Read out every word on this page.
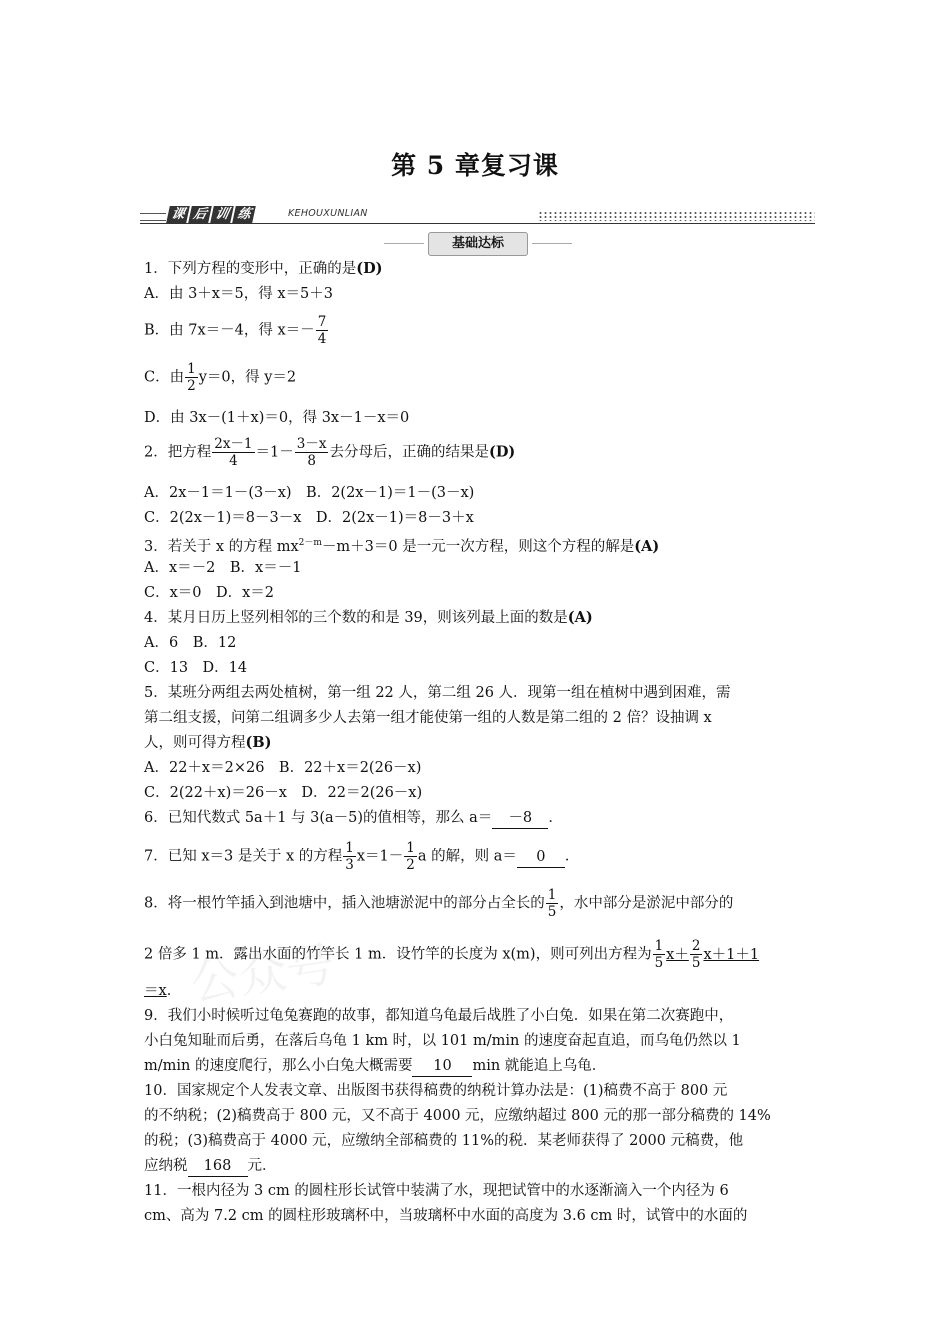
第 5 章复习课
课 后 训 练	KEHOUXUNLIAN
基础达标
1．下列方程的变形中，正确的是(D)
A．由 3＋x＝5，得 x＝5＋3
B．由 7x＝－4，得 $x=- \frac{7}{4}$
C．由 $\frac{1}{2} y=0$，得 y＝2
D．由 3x－(1＋x)＝0，得 3x－1－x＝0
2．把方程 $\frac{2x-1}{4} =1- \frac{3-x}{8}$ 去分母后，正确的结果是(D)
A．2x－1＝1－(3－x)　B．2(2x－1)＝1－(3－x)
C．2(2x－1)＝8－3－x　D．2(2x－1)＝8－3＋x
3．若关于 x 的方程 $mx^{2-m}-m+3=0$ 是一元一次方程，则这个方程的解是(A)
A．x＝－2　B．x＝－1
C．x＝0　D．x＝2
4．某月日历上竖列相邻的三个数的和是 39，则该列最上面的数是(A)
A．6　B．12
C．13　D．14
5．某班分两组去两处植树，第一组 22 人，第二组 26 人．现第一组在植树中遇到困难，需
第二组支援，问第二组调多少人去第一组才能使第一组的人数是第二组的 2 倍？设抽调 x
人，则可得方程(B)
A．22＋x＝2×26　B．22＋x＝2(26－x)
C．2(22＋x)＝26－x　D．22＝2(26－x)
6．已知代数式 5a＋1 与 3(a－5)的值相等，那么 a＝ －8 ．
7．已知 x＝3 是关于 x 的方程 $\frac{1}{3} x=1- \frac{1}{2}$ a 的解，则 a＝ 0 ．
8．将一根竹竿插入到池塘中，插入池塘淤泥中的部分占全长的 $\frac{1}{5}$ ，水中部分是淤泥中部分的
2 倍多 1 m．露出水面的竹竿长 1 m．设竹竿的长度为 x(m)，则可列出方程为 $\frac{1}{5} x+ \frac{2}{5} x+1+1$
＝x．
9．我们小时候听过龟兔赛跑的故事，都知道乌龟最后战胜了小白兔．如果在第二次赛跑中，
小白兔知耻而后勇，在落后乌龟 1 km 时，以 101 m/min 的速度奋起直追，而乌龟仍然以 1
m/min 的速度爬行，那么小白兔大概需要 10 min 就能追上乌龟．
10．国家规定个人发表文章、出版图书获得稿费的纳税计算办法是：(1)稿费不高于 800 元
的不纳税；(2)稿费高于 800 元，又不高于 4000 元，应缴纳超过 800 元的那一部分稿费的 14%
的税；(3)稿费高于 4000 元，应缴纳全部稿费的 11%的税．某老师获得了 2000 元稿费，他
应纳税 168 元．
11．一根内径为 3 cm 的圆柱形长试管中装满了水，现把试管中的水逐渐滴入一个内径为 6
cm、高为 7.2 cm 的圆柱形玻璃杯中，当玻璃杯中水面的高度为 3.6 cm 时，试管中的水面的
公众号
